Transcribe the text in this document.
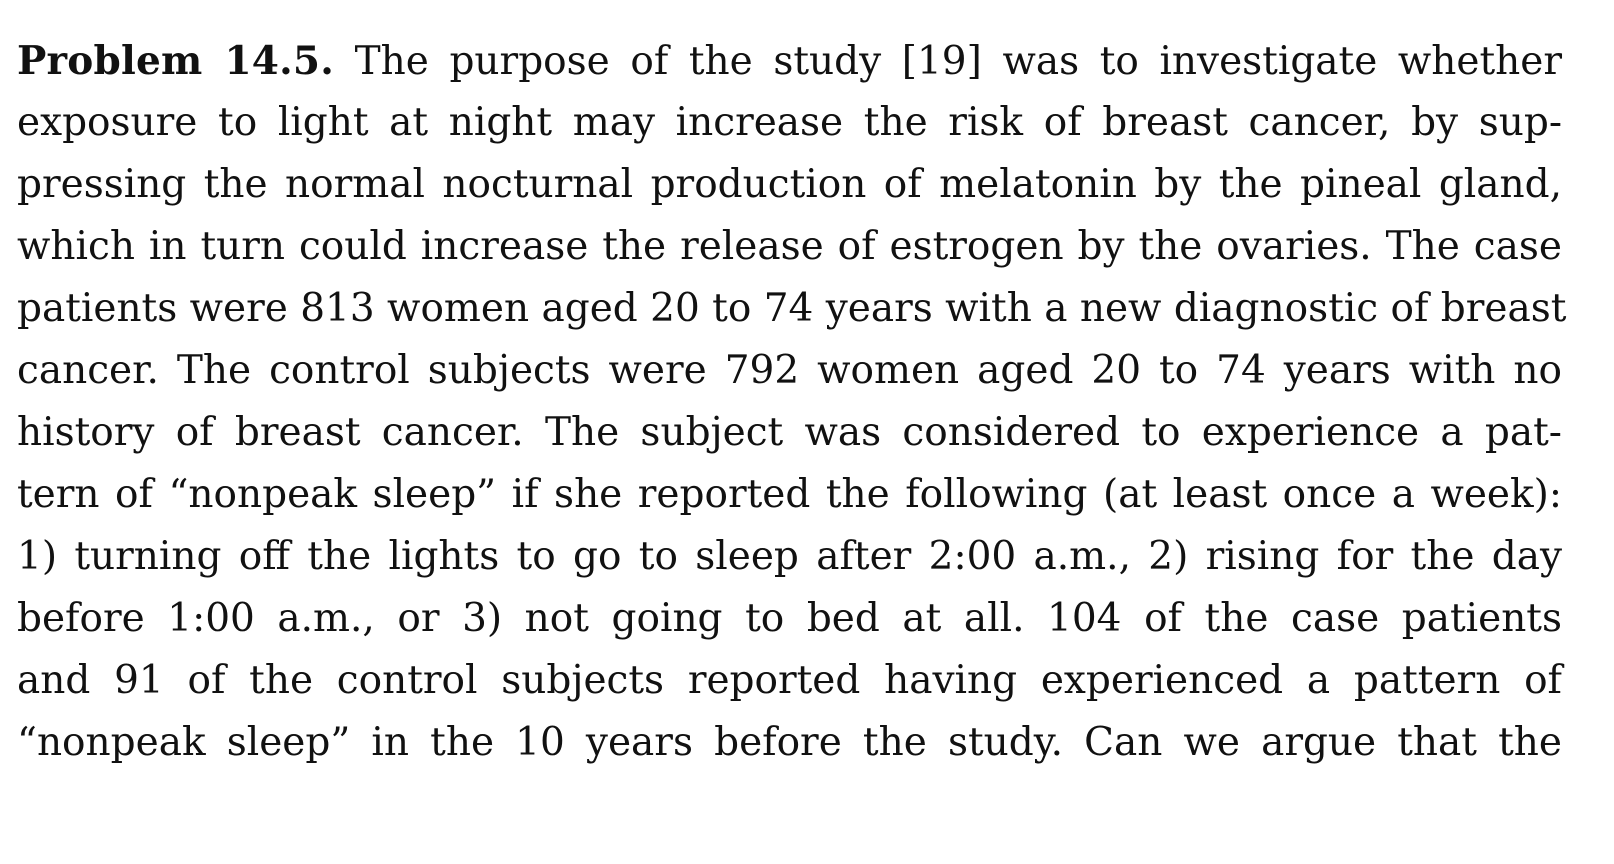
Problem 14.5. The purpose of the study [19] was to investigate whether
exposure to light at night may increase the risk of breast cancer, by sup-
pressing the normal nocturnal production of melatonin by the pineal gland,
which in turn could increase the release of estrogen by the ovaries. The case
patients were 813 women aged 20 to 74 years with a new diagnostic of breast
cancer. The control subjects were 792 women aged 20 to 74 years with no
history of breast cancer. The subject was considered to experience a pat-
tern of “nonpeak sleep” if she reported the following (at least once a week):
1) turning off the lights to go to sleep after 2:00 a.m., 2) rising for the day
before 1:00 a.m., or 3) not going to bed at all. 104 of the case patients
and 91 of the control subjects reported having experienced a pattern of
“nonpeak sleep” in the 10 years before the study. Can we argue that the
